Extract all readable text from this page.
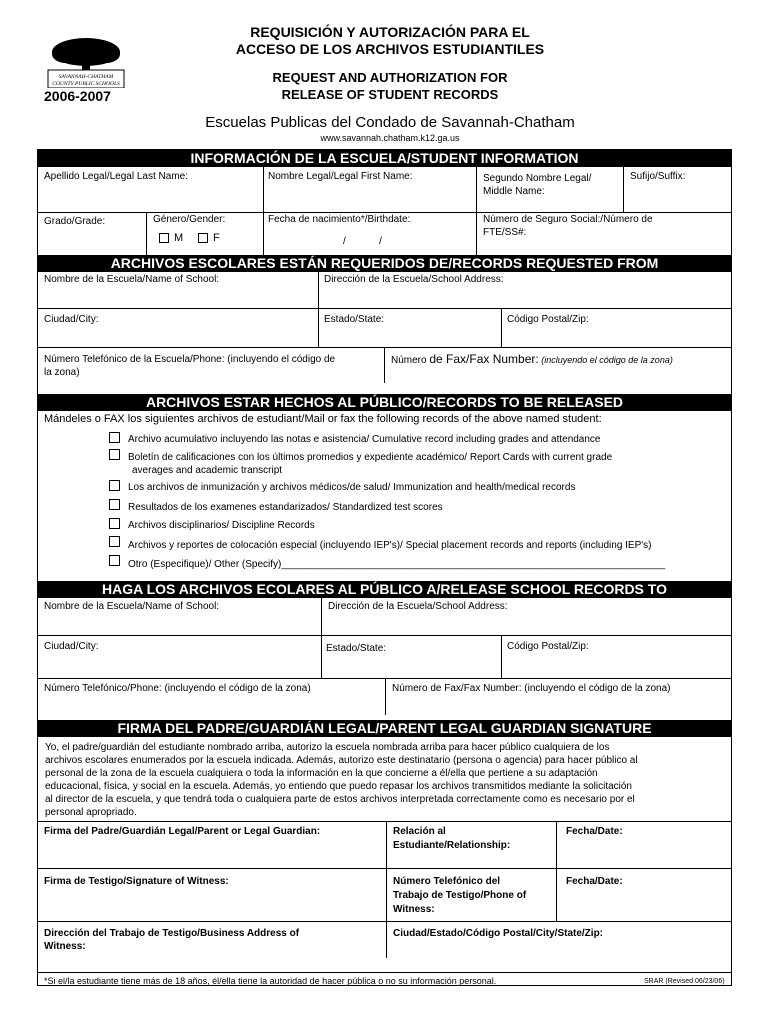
SAVANNAH-CHATHAM
COUNTY PUBLIC SCHOOLS
2006-2007
REQUISICIÓN Y AUTORIZACIÓN PARA EL
ACCESO DE LOS ARCHIVOS ESTUDIANTILES
REQUEST AND AUTHORIZATION FOR
RELEASE OF STUDENT RECORDS
Escuelas Publicas del Condado de Savannah-Chatham
www.savannah.chatham.k12.ga.us
INFORMACIÓN DE LA ESCUELA/STUDENT INFORMATION
Apellido Legal/Legal Last Name:	Nombre Legal/Legal First Name:	Segundo Nombre Legal/
Middle Name:
Sufijo/Suffix:
Grado/Grade:	Género/Gender:
M	F
Fecha de nacimiento*/Birthdate:
/            /
Número de Seguro Social:/Número de
FTE/SS#:
ARCHIVOS ESCOLARES ESTÁN REQUERIDOS DE/RECORDS REQUESTED FROM
Nombre de la Escuela/Name of School:	Dirección de la Escuela/School Address:
Ciudad/City:	Estado/State:	Código Postal/Zip:
Número Telefónico de la Escuela/Phone: (incluyendo el código de
la zona)
Número de Fax/Fax Number: (incluyendo el código de la zona)
ARCHIVOS ESTAR HECHOS AL PÚBLICO/RECORDS TO BE RELEASED
Mándeles o FAX los siguientes archivos de estudiant/Mail or fax the following records of the above named student:
Archivo acumulativo incluyendo las notas e asistencia/ Cumulative record including grades and attendance
Boletín de calificaciones con los últimos promedios y expediente académico/ Report Cards with current grade
averages and academic transcript
Los archivos de inmunización y archivos médicos/de salud/ Immunization and health/medical records
Resultados de los examenes estandarizados/ Standardized test scores
Archivos disciplinarios/ Discipline Records
Archivos y reportes de colocación especial (incluyendo IEP's)/ Special placement records and reports (including IEP's)
Otro (Especifique)/ Other (Specify)_____________________________________________________________________
HAGA LOS ARCHIVOS ECOLARES AL PÚBLICO A/RELEASE SCHOOL RECORDS TO
Nombre de la Escuela/Name of School:	Dirección de la Escuela/School Address:
Ciudad/City:	Estado/State:	Código Postal/Zip:
Número Telefónico/Phone: (incluyendo el código de la zona)	Número de Fax/Fax Number: (incluyendo el código de la zona)
FIRMA DEL PADRE/GUARDIÁN LEGAL/PARENT LEGAL GUARDIAN SIGNATURE
Yo, el padre/guardián del estudiante nombrado arriba, autorizo la escuela nombrada arriba para hacer público cualquiera de los
archivos escolares enumerados por la escuela indicada. Además, autorizo este destinatario (persona o agencia) para hacer público al
personal de la zona de la escuela cualquiera o toda la información en la que concierne a él/ella que pertiene a su adaptación
educacional, física, y social en la escuela. Además, yo entiendo que puedo repasar los archivos transmitidos mediante la solicitación
al director de la escuela, y que tendrá toda o cualquiera parte de estos archivos interpretada correctamente como es necesario por el
personal apropriado.
Firma del Padre/Guardián Legal/Parent or Legal Guardian:	Relación al
Estudiante/Relationship:
Fecha/Date:
Firma de Testigo/Signature of Witness:	Número Telefónico del
Trabajo de Testigo/Phone of
Witness:
Fecha/Date:
Dirección del Trabajo de Testigo/Business Address of
Witness:
Ciudad/Estado/Código Postal/City/State/Zip:
*Si el/la estudiante tiene más de 18 años, él/ella tiene la autoridad de hacer pública o no su información personal.	SRAR (Revised 06/23/06)
